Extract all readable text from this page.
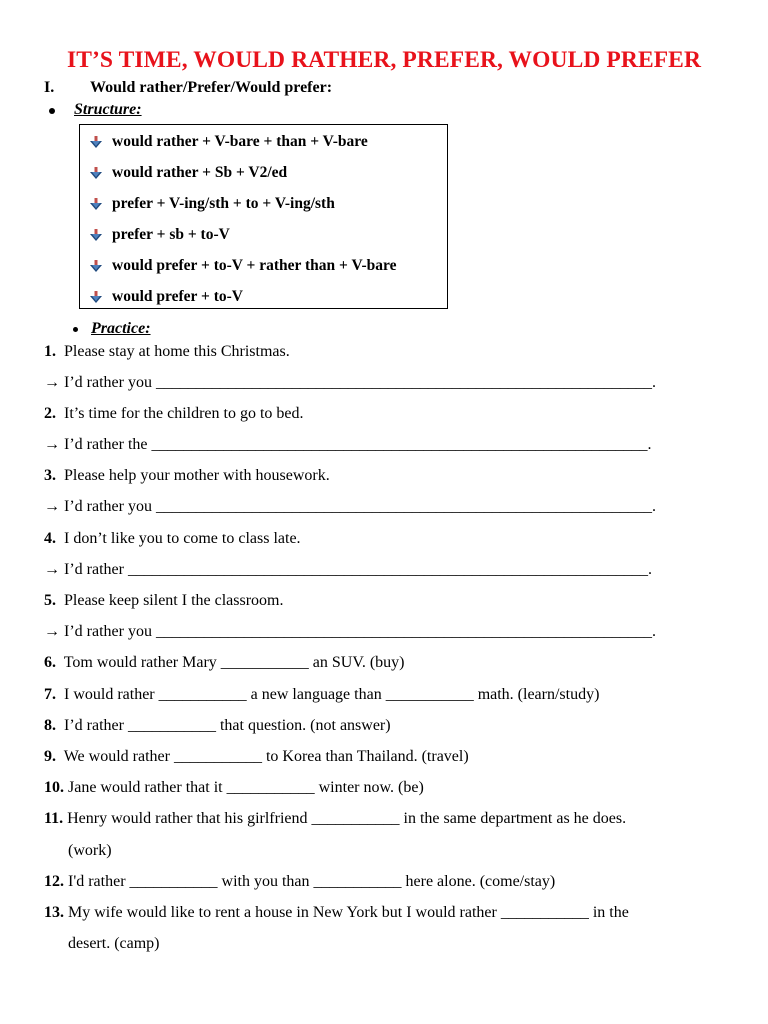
IT’S TIME, WOULD RATHER, PREFER, WOULD PREFER
I. Would rather/Prefer/Would prefer:
Structure:
would rather + V-bare + than + V-bare
would rather + Sb + V2/ed
prefer + V-ing/sth + to + V-ing/sth
prefer + sb + to-V
would prefer + to-V + rather than + V-bare
would prefer + to-V
Practice:
1. Please stay at home this Christmas.
→ I’d rather you ______________________________________________________________.
2. It’s time for the children to go to bed.
→ I’d rather the ______________________________________________________________.
3. Please help your mother with housework.
→ I’d rather you ______________________________________________________________.
4. I don’t like you to come to class late.
→ I’d rather _________________________________________________________________.
5. Please keep silent I the classroom.
→ I’d rather you ______________________________________________________________.
6. Tom would rather Mary ___________ an SUV. (buy)
7. I would rather ___________ a new language than ___________ math. (learn/study)
8. I’d rather ___________ that question. (not answer)
9. We would rather ___________ to Korea than Thailand. (travel)
10. Jane would rather that it ___________ winter now. (be)
11. Henry would rather that his girlfriend ___________ in the same department as he does.
(work)
12. I'd rather ___________ with you than ___________ here alone. (come/stay)
13. My wife would like to rent a house in New York but I would rather ___________ in the
desert. (camp)
